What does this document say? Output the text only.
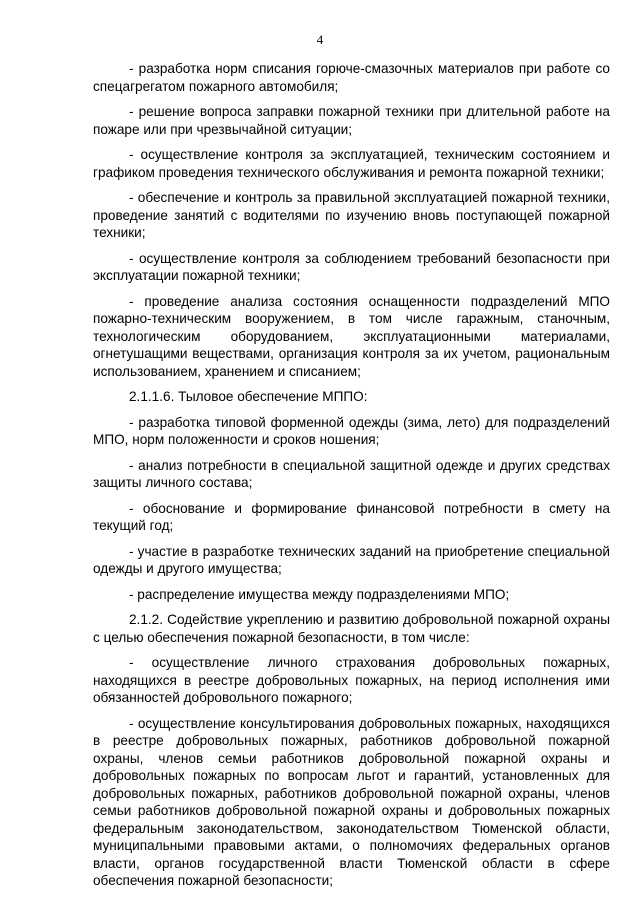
4

- разработка норм списания горюче-смазочных материалов при работе со спецагрегатом пожарного автомобиля;

- решение вопроса заправки пожарной техники при длительной работе на пожаре или при чрезвычайной ситуации;

- осуществление контроля за эксплуатацией, техническим состоянием и графиком проведения технического обслуживания и ремонта пожарной техники;

- обеспечение и контроль за правильной эксплуатацией пожарной техники, проведение занятий с водителями по изучению вновь поступающей пожарной техники;

- осуществление контроля за соблюдением требований безопасности при эксплуатации пожарной техники;

- проведение анализа состояния оснащенности подразделений МПО пожарно-техническим вооружением, в том числе гаражным, станочным, технологическим оборудованием, эксплуатационными материалами, огнетушащими веществами, организация контроля за их учетом, рациональным использованием, хранением и списанием;

2.1.1.6. Тыловое обеспечение МППО:

- разработка типовой форменной одежды (зима, лето) для подразделений МПО, норм положенности и сроков ношения;

- анализ потребности в специальной защитной одежде и других средствах защиты личного состава;

- обоснование и формирование финансовой потребности в смету на текущий год;

- участие в разработке технических заданий на приобретение специальной одежды и другого имущества;

- распределение имущества между подразделениями МПО;

2.1.2. Содействие укреплению и развитию добровольной пожарной охраны с целью обеспечения пожарной безопасности, в том числе:

- осуществление личного страхования добровольных пожарных, находящихся в реестре добровольных пожарных, на период исполнения ими обязанностей добровольного пожарного;

- осуществление консультирования добровольных пожарных, находящихся в реестре добровольных пожарных, работников добровольной пожарной охраны, членов семьи работников добровольной пожарной охраны и добровольных пожарных по вопросам льгот и гарантий, установленных для добровольных пожарных, работников добровольной пожарной охраны, членов семьи работников добровольной пожарной охраны и добровольных пожарных федеральным законодательством, законодательством Тюменской области, муниципальными правовыми актами, о полномочиях федеральных органов власти, органов государственной власти Тюменской области в сфере обеспечения пожарной безопасности;
